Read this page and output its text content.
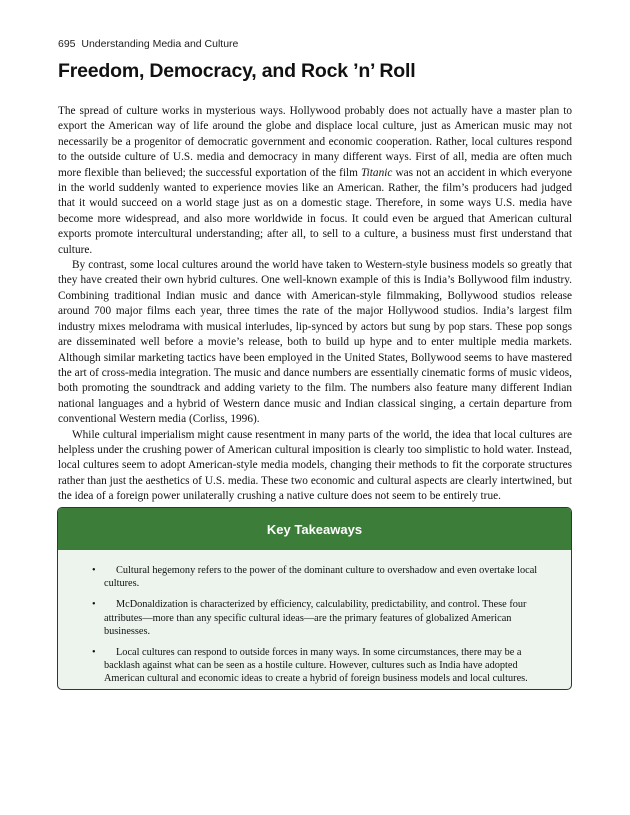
695 Understanding Media and Culture
Freedom, Democracy, and Rock ’n’ Roll

The spread of culture works in mysterious ways. Hollywood probably does not actually have a master plan to export the American way of life around the globe and displace local culture, just as American music may not necessarily be a progenitor of democratic government and economic cooperation. Rather, local cultures respond to the outside culture of U.S. media and democracy in many different ways. First of all, media are often much more flexible than believed; the successful exportation of the film Titanic was not an accident in which everyone in the world suddenly wanted to experience movies like an American. Rather, the film’s producers had judged that it would succeed on a world stage just as on a domestic stage. Therefore, in some ways U.S. media have become more widespread, and also more worldwide in focus. It could even be argued that American cultural exports promote intercultural understanding; after all, to sell to a culture, a business must first understand that culture.

By contrast, some local cultures around the world have taken to Western-style business models so greatly that they have created their own hybrid cultures. One well-known example of this is India’s Bollywood film industry. Combining traditional Indian music and dance with American-style filmmaking, Bollywood studios release around 700 major films each year, three times the rate of the major Hollywood studios. India’s largest film industry mixes melodrama with musical interludes, lip-synced by actors but sung by pop stars. These pop songs are disseminated well before a movie’s release, both to build up hype and to enter multiple media markets. Although similar marketing tactics have been employed in the United States, Bollywood seems to have mastered the art of cross-media integration. The music and dance numbers are essentially cinematic forms of music videos, both promoting the soundtrack and adding variety to the film. The numbers also feature many different Indian national languages and a hybrid of Western dance music and Indian classical singing, a certain departure from conventional Western media (Corliss, 1996).

While cultural imperialism might cause resentment in many parts of the world, the idea that local cultures are helpless under the crushing power of American cultural imposition is clearly too simplistic to hold water. Instead, local cultures seem to adopt American-style media models, changing their methods to fit the corporate structures rather than just the aesthetics of U.S. media. These two economic and cultural aspects are clearly intertwined, but the idea of a foreign power unilaterally crushing a native culture does not seem to be entirely true.

Key Takeaways
• Cultural hegemony refers to the power of the dominant culture to overshadow and even overtake local cultures.
• McDonaldization is characterized by efficiency, calculability, predictability, and control. These four attributes—more than any specific cultural ideas—are the primary features of globalized American businesses.
• Local cultures can respond to outside forces in many ways. In some circumstances, there may be a backlash against what can be seen as a hostile culture. However, cultures such as India have adopted American cultural and economic ideas to create a hybrid of foreign business models and local cultures.
